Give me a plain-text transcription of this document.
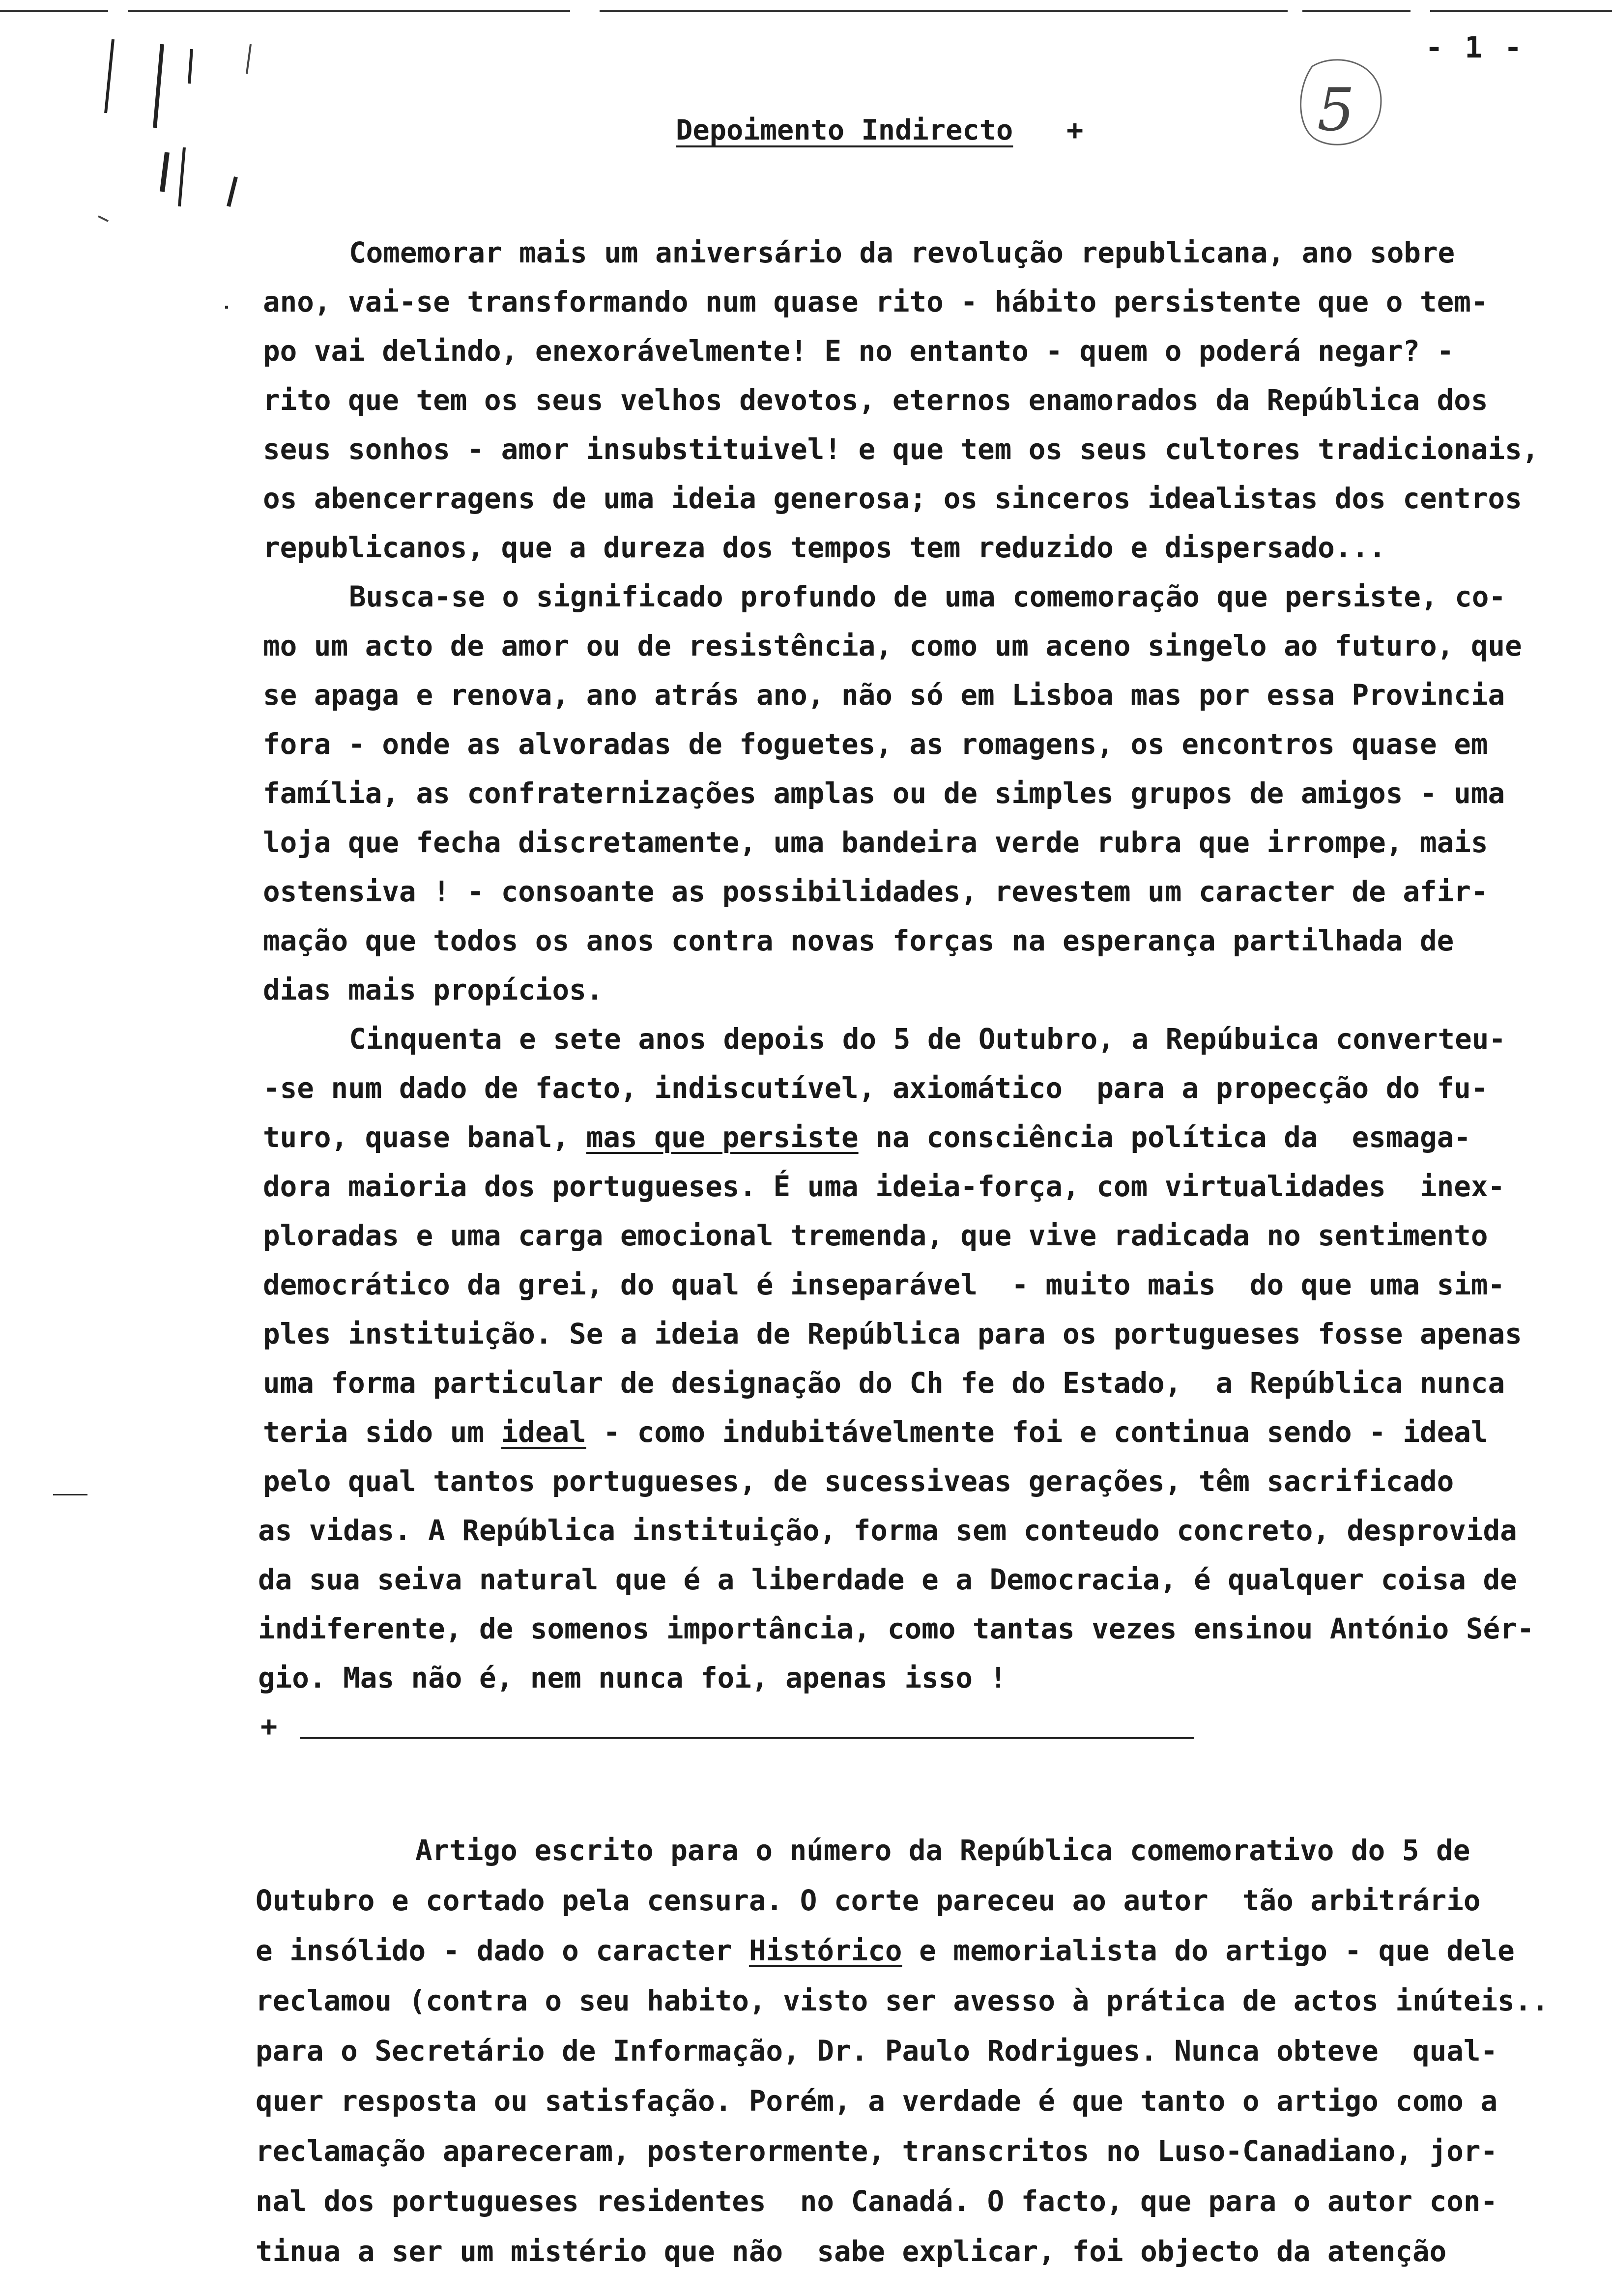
- 1 -
5
Depoimento Indirecto +
Comemorar mais um aniversário da revolução republicana, ano sobre
ano, vai-se transformando num quase rito - hábito persistente que o tem-
po vai delindo, enexorávelmente! E no entanto - quem o poderá negar? -
rito que tem os seus velhos devotos, eternos enamorados da República dos
seus sonhos - amor insubstituivel! e que tem os seus cultores tradicionais,
os abencerragens de uma ideia generosa; os sinceros idealistas dos centros
republicanos, que a dureza dos tempos tem reduzido e dispersado...
Busca-se o significado profundo de uma comemoração que persiste, co-
mo um acto de amor ou de resistência, como um aceno singelo ao futuro, que
se apaga e renova, ano atrás ano, não só em Lisboa mas por essa Provincia
fora - onde as alvoradas de foguetes, as romagens, os encontros quase em
família, as confraternizações amplas ou de simples grupos de amigos - uma
loja que fecha discretamente, uma bandeira verde rubra que irrompe, mais
ostensiva ! - consoante as possibilidades, revestem um caracter de afir-
mação que todos os anos contra novas forças na esperança partilhada de
dias mais propícios.
Cinquenta e sete anos depois do 5 de Outubro, a Repúbuica converteu-
-se num dado de facto, indiscutível, axiomático  para a propecção do fu-
turo, quase banal, mas que persiste na consciência política da  esmaga-
dora maioria dos portugueses. É uma ideia-força, com virtualidades  inex-
ploradas e uma carga emocional tremenda, que vive radicada no sentimento
democrático da grei, do qual é inseparável  - muito mais  do que uma sim-
ples instituição. Se a ideia de República para os portugueses fosse apenas
uma forma particular de designação do Ch fe do Estado,  a República nunca
teria sido um ideal - como indubitávelmente foi e continua sendo - ideal
pelo qual tantos portugueses, de sucessiveas gerações, têm sacrificado
as vidas. A República instituição, forma sem conteudo concreto, desprovida
da sua seiva natural que é a liberdade e a Democracia, é qualquer coisa de
indiferente, de somenos importância, como tantas vezes ensinou António Sér-
gio. Mas não é, nem nunca foi, apenas isso !
+
Artigo escrito para o número da República comemorativo do 5 de
Outubro e cortado pela censura. O corte pareceu ao autor  tão arbitrário
e insólido - dado o caracter Histórico e memorialista do artigo - que dele
reclamou (contra o seu habito, visto ser avesso à prática de actos inúteis..
para o Secretário de Informação, Dr. Paulo Rodrigues. Nunca obteve  qual-
quer resposta ou satisfação. Porém, a verdade é que tanto o artigo como a
reclamação apareceram, posterormente, transcritos no Luso-Canadiano, jor-
nal dos portugueses residentes  no Canadá. O facto, que para o autor con-
tinua a ser um mistério que não  sabe explicar, foi objecto da atenção
